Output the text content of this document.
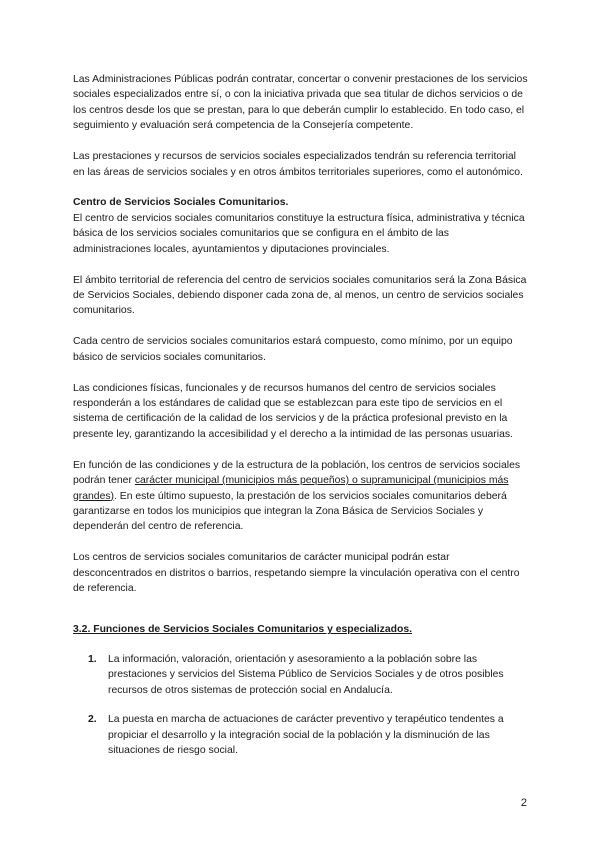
Las Administraciones Públicas podrán contratar, concertar o convenir prestaciones de los servicios sociales especializados entre sí, o con la iniciativa privada que sea titular de dichos servicios o de los centros desde los que se prestan, para lo que deberán cumplir lo establecido. En todo caso, el seguimiento y evaluación será competencia de la Consejería competente.

Las prestaciones y recursos de servicios sociales especializados tendrán su referencia territorial en las áreas de servicios sociales y en otros ámbitos territoriales superiores, como el autonómico.

Centro de Servicios Sociales Comunitarios.
El centro de servicios sociales comunitarios constituye la estructura física, administrativa y técnica básica de los servicios sociales comunitarios que se configura en el ámbito de las administraciones locales, ayuntamientos y diputaciones provinciales.

El ámbito territorial de referencia del centro de servicios sociales comunitarios será la Zona Básica de Servicios Sociales, debiendo disponer cada zona de, al menos, un centro de servicios sociales comunitarios.

Cada centro de servicios sociales comunitarios estará compuesto, como mínimo, por un equipo básico de servicios sociales comunitarios.

Las condiciones físicas, funcionales y de recursos humanos del centro de servicios sociales responderán a los estándares de calidad que se establezcan para este tipo de servicios en el sistema de certificación de la calidad de los servicios y de la práctica profesional previsto en la presente ley, garantizando la accesibilidad y el derecho a la intimidad de las personas usuarias.

En función de las condiciones y de la estructura de la población, los centros de servicios sociales podrán tener carácter municipal (municipios más pequeños) o supramunicipal (municipios más grandes). En este último supuesto, la prestación de los servicios sociales comunitarios deberá garantizarse en todos los municipios que integran la Zona Básica de Servicios Sociales y dependerán del centro de referencia.

Los centros de servicios sociales comunitarios de carácter municipal podrán estar desconcentrados en distritos o barrios, respetando siempre la vinculación operativa con el centro de referencia.

3.2. Funciones de Servicios Sociales Comunitarios y especializados.
1. La información, valoración, orientación y asesoramiento a la población sobre las prestaciones y servicios del Sistema Público de Servicios Sociales y de otros posibles recursos de otros sistemas de protección social en Andalucía.
2. La puesta en marcha de actuaciones de carácter preventivo y terapéutico tendentes a propiciar el desarrollo y la integración social de la población y la disminución de las situaciones de riesgo social.
2
